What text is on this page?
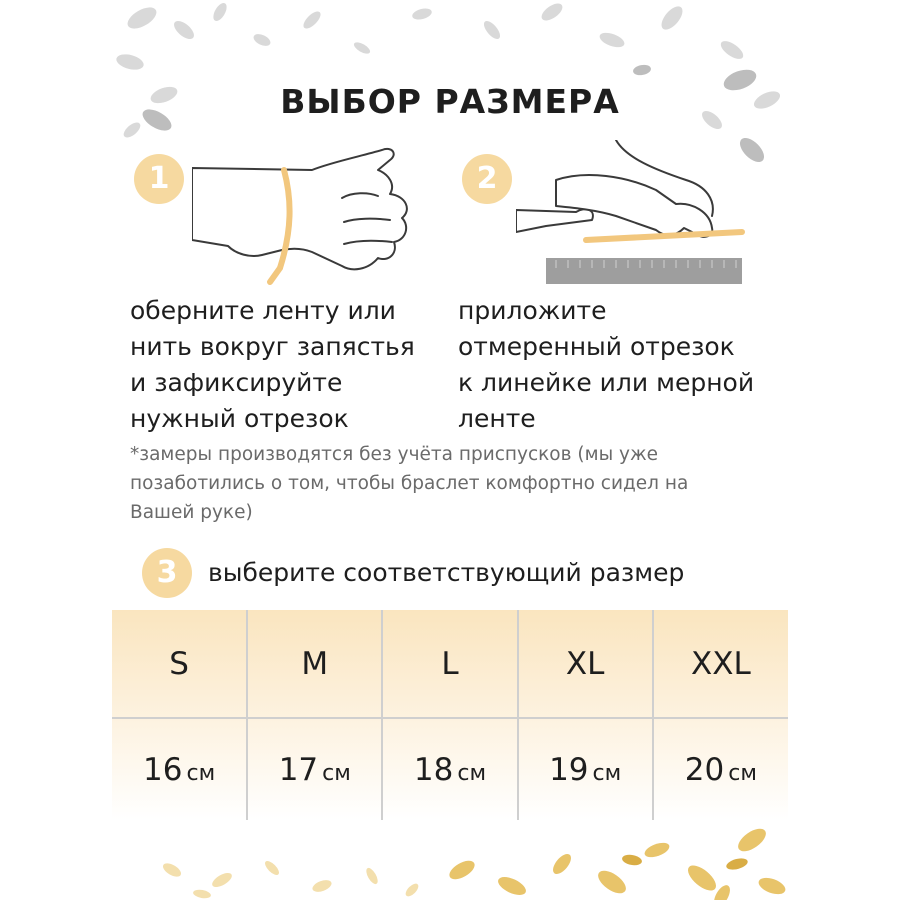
ВЫБОР РАЗМЕРА
1

оберните ленту или
нить вокруг запястья
и зафиксируйте
нужный отрезок

2

приложите
отмеренный отрезок
к линейке или мерной
ленте

*замеры производятся без учёта приспусков (мы уже позаботились о том, чтобы браслет комфортно сидел на Вашей руке)

3	выберите соответствующий размер

S	M	L	XL	XXL
16 см	17 см	18 см	19 см	20 см
